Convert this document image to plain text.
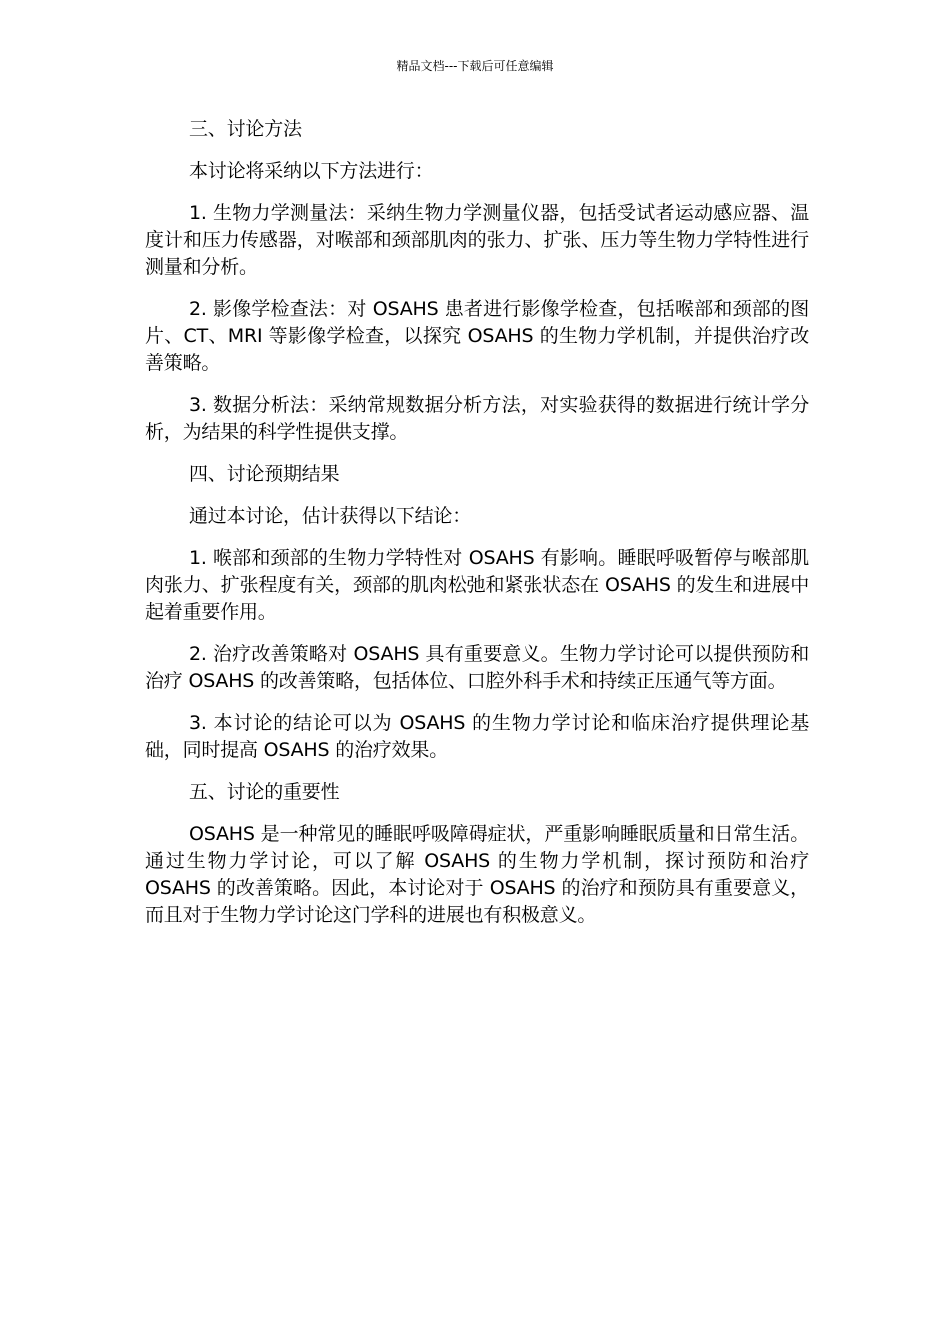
精品文档---下载后可任意编辑

三、讨论方法

本讨论将采纳以下方法进行：

1. 生物力学测量法：采纳生物力学测量仪器，包括受试者运动感应器、温度计和压力传感器，对喉部和颈部肌肉的张力、扩张、压力等生物力学特性进行测量和分析。

2. 影像学检查法：对 OSAHS 患者进行影像学检查，包括喉部和颈部的图片、CT、MRI 等影像学检查，以探究 OSAHS 的生物力学机制，并提供治疗改善策略。

3. 数据分析法：采纳常规数据分析方法，对实验获得的数据进行统计学分析，为结果的科学性提供支撑。

四、讨论预期结果

通过本讨论，估计获得以下结论：

1. 喉部和颈部的生物力学特性对 OSAHS 有影响。睡眠呼吸暂停与喉部肌肉张力、扩张程度有关，颈部的肌肉松弛和紧张状态在 OSAHS 的发生和进展中起着重要作用。

2. 治疗改善策略对 OSAHS 具有重要意义。生物力学讨论可以提供预防和治疗 OSAHS 的改善策略，包括体位、口腔外科手术和持续正压通气等方面。

3. 本讨论的结论可以为 OSAHS 的生物力学讨论和临床治疗提供理论基础，同时提高 OSAHS 的治疗效果。

五、讨论的重要性

OSAHS 是一种常见的睡眠呼吸障碍症状，严重影响睡眠质量和日常生活。通过生物力学讨论，可以了解 OSAHS 的生物力学机制，探讨预防和治疗 OSAHS 的改善策略。因此，本讨论对于 OSAHS 的治疗和预防具有重要意义，而且对于生物力学讨论这门学科的进展也有积极意义。
